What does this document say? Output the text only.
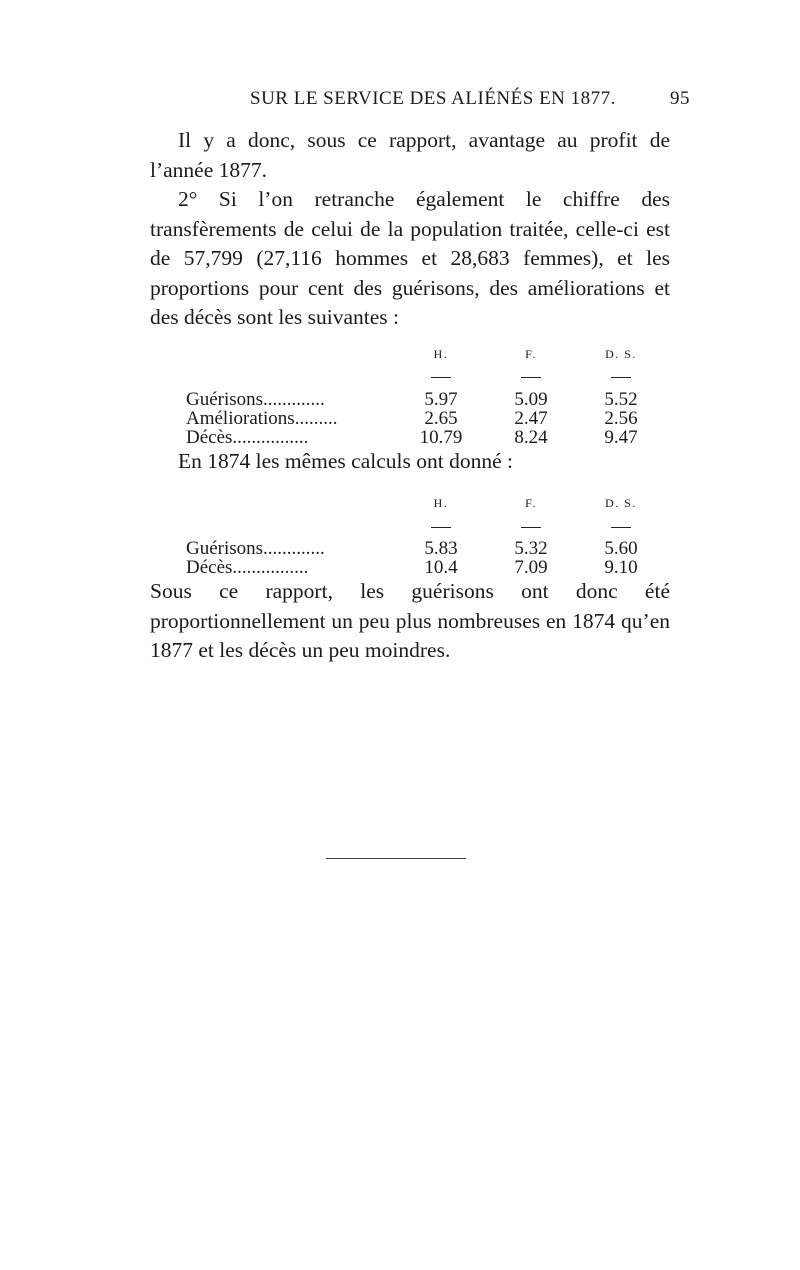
SUR LE SERVICE DES ALIÉNÉS EN 1877.	95

Il y a donc, sous ce rapport, avantage au profit de l’année 1877.

2° Si l’on retranche également le chiffre des transfèrements de celui de la population traitée, celle-ci est de 57,799 (27,116 hommes et 28,683 femmes), et les proportions pour cent des guérisons, des améliorations et des décès sont les suivantes :

	H.	F.	D. S.

Guérisons.............	5.97	5.09	5.52
Améliorations.........	2.65	2.47	2.56
Décès................	10.79	8.24	9.47

En 1874 les mêmes calculs ont donné :

	H.	F.	D. S.

Guérisons.............	5.83	5.32	5.60
Décès................	10.4	7.09	9.10

Sous ce rapport, les guérisons ont donc été proportionnellement un peu plus nombreuses en 1874 qu’en 1877 et les décès un peu moindres.
